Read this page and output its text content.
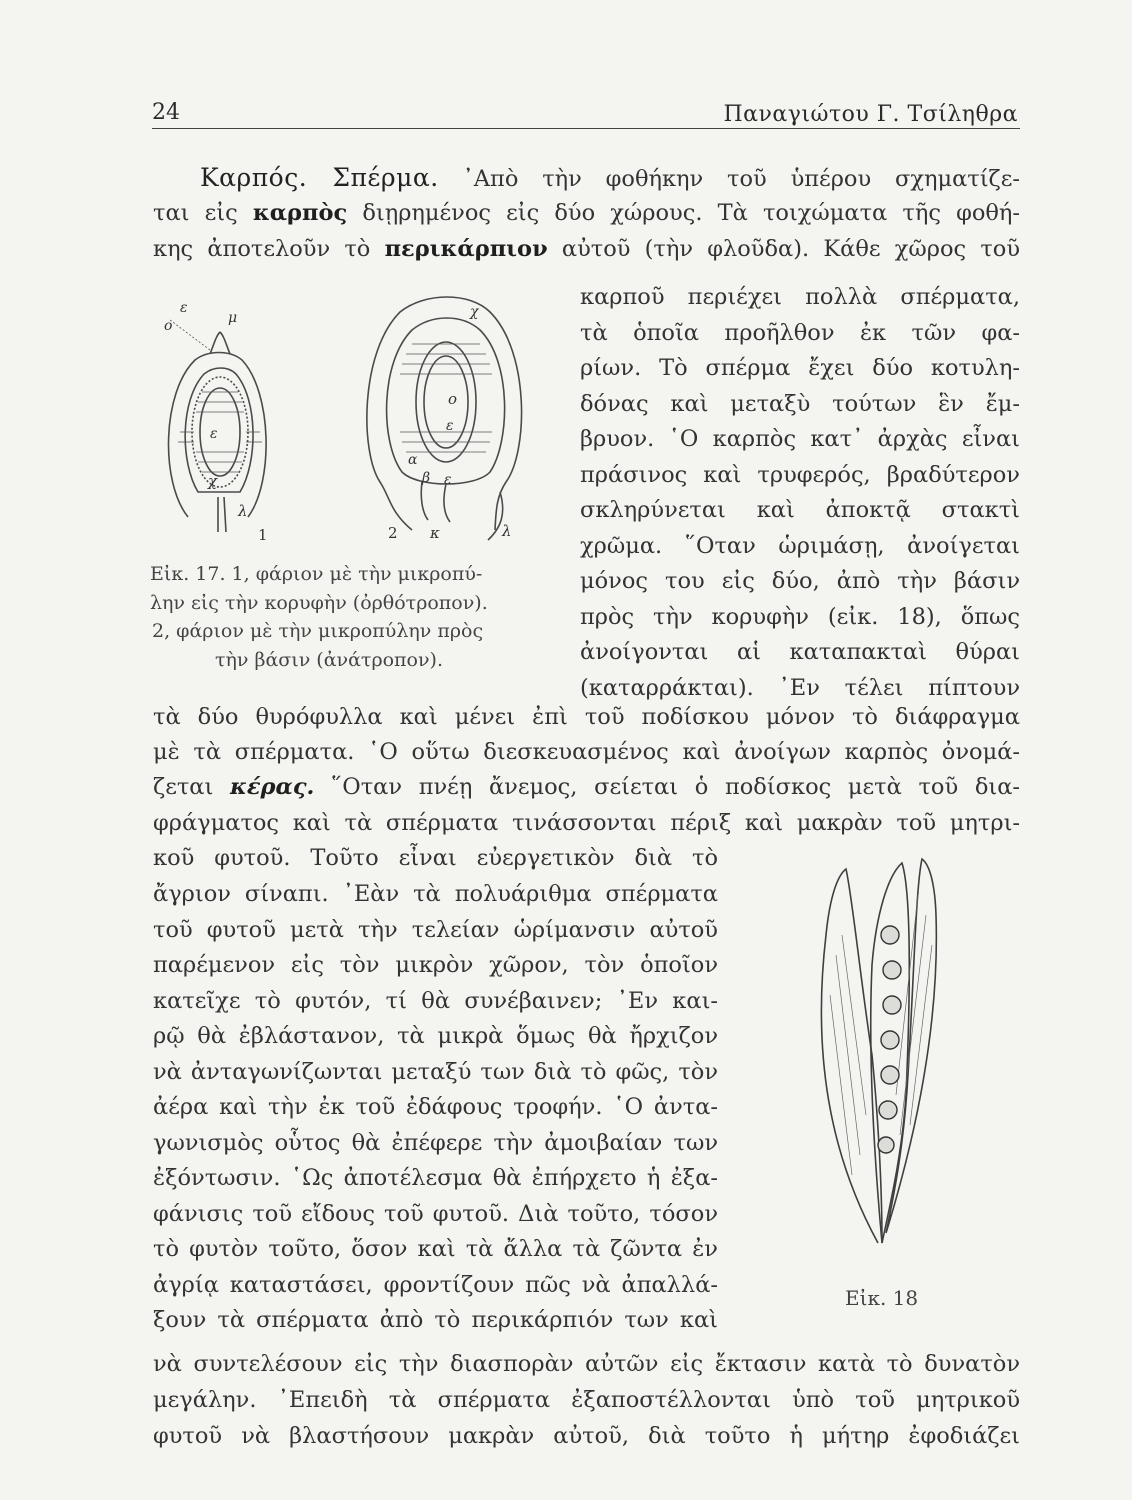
24	Παναγιώτου Γ. Τσίληθρα
Καρπός. Σπέρμα. ᾿Απὸ τὴν φοθήκην τοῦ ὑπέρου σχηματίζε-
ται εἰς καρπὸς διῃρημένος εἰς δύο χώρους. Τὰ τοιχώματα τῆς φοθή-
κης ἀποτελοῦν τὸ περικάρπιον αὐτοῦ (τὴν φλοῦδα). Κάθε χῶρος τοῦ
καρποῦ περιέχει πολλὰ σπέρματα,
τὰ ὁποῖα προῆλθον ἐκ τῶν φα-
ρίων. Τὸ σπέρμα ἔχει δύο κοτυλη-
δόνας καὶ μεταξὺ τούτων ἓν ἔμ-
βρυον. ῾Ο καρπὸς κατ᾿ ἀρχὰς εἶναι
πράσινος καὶ τρυφερός, βραδύτερον
σκληρύνεται καὶ ἀποκτᾷ στακτὶ
χρῶμα. ῞Οταν ὡριμάσῃ, ἀνοίγεται
μόνος του εἰς δύο, ἀπὸ τὴν βάσιν
πρὸς τὴν κορυφὴν (εἰκ. 18), ὅπως
ἀνοίγονται αἱ καταπακταὶ θύραι
(καταρράκται). ᾿Εν τέλει πίπτουν
ε
μ
ο
ε
χ
λ
1
χ
ο
ε
α
β ε
κ	λ
2
Εἰκ. 17. 1, φάριον μὲ τὴν μικροπύ-
λην εἰς τὴν κορυφὴν (ὀρθότροπον).
2, φάριον μὲ τὴν μικροπύλην πρὸς
τὴν βάσιν (ἀνάτροπον).
τὰ δύο θυρόφυλλα καὶ μένει ἐπὶ τοῦ ποδίσκου μόνον τὸ διάφραγμα
μὲ τὰ σπέρματα. ῾Ο οὕτω διεσκευασμένος καὶ ἀνοίγων καρπὸς ὀνομά-
ζεται κέρας. ῞Οταν πνέῃ ἄνεμος, σείεται ὁ ποδίσκος μετὰ τοῦ δια-
φράγματος καὶ τὰ σπέρματα τινάσσονται πέριξ καὶ μακρὰν τοῦ μητρι-
κοῦ φυτοῦ. Τοῦτο εἶναι εὐεργετικὸν διὰ τὸ
ἄγριον σίναπι. ᾿Εὰν τὰ πολυάριθμα σπέρματα
τοῦ φυτοῦ μετὰ τὴν τελείαν ὡρίμανσιν αὐτοῦ
παρέμενον εἰς τὸν μικρὸν χῶρον, τὸν ὁποῖον
κατεῖχε τὸ φυτόν, τί θὰ συνέβαινεν; ᾿Εν και-
ρῷ θὰ ἐβλάστανον, τὰ μικρὰ ὅμως θὰ ἤρχιζον
νὰ ἀνταγωνίζωνται μεταξύ των διὰ τὸ φῶς, τὸν
ἀέρα καὶ τὴν ἐκ τοῦ ἐδάφους τροφήν. ῾Ο ἀντα-
γωνισμὸς οὗτος θὰ ἐπέφερε τὴν ἀμοιβαίαν των
ἐξόντωσιν. ῾Ως ἀποτέλεσμα θὰ ἐπήρχετο ἡ ἐξα-
φάνισις τοῦ εἴδους τοῦ φυτοῦ. Διὰ τοῦτο, τόσον
τὸ φυτὸν τοῦτο, ὅσον καὶ τὰ ἄλλα τὰ ζῶντα ἐν
ἀγρίᾳ καταστάσει, φροντίζουν πῶς νὰ ἀπαλλά-
ξουν τὰ σπέρματα ἀπὸ τὸ περικάρπιόν των καὶ
Εἰκ. 18
νὰ συντελέσουν εἰς τὴν διασπορὰν αὐτῶν εἰς ἔκτασιν κατὰ τὸ δυνατὸν
μεγάλην. ᾿Επειδὴ τὰ σπέρματα ἐξαποστέλλονται ὑπὸ τοῦ μητρικοῦ
φυτοῦ νὰ βλαστήσουν μακρὰν αὐτοῦ, διὰ τοῦτο ἡ μήτηρ ἐφοδιάζει
